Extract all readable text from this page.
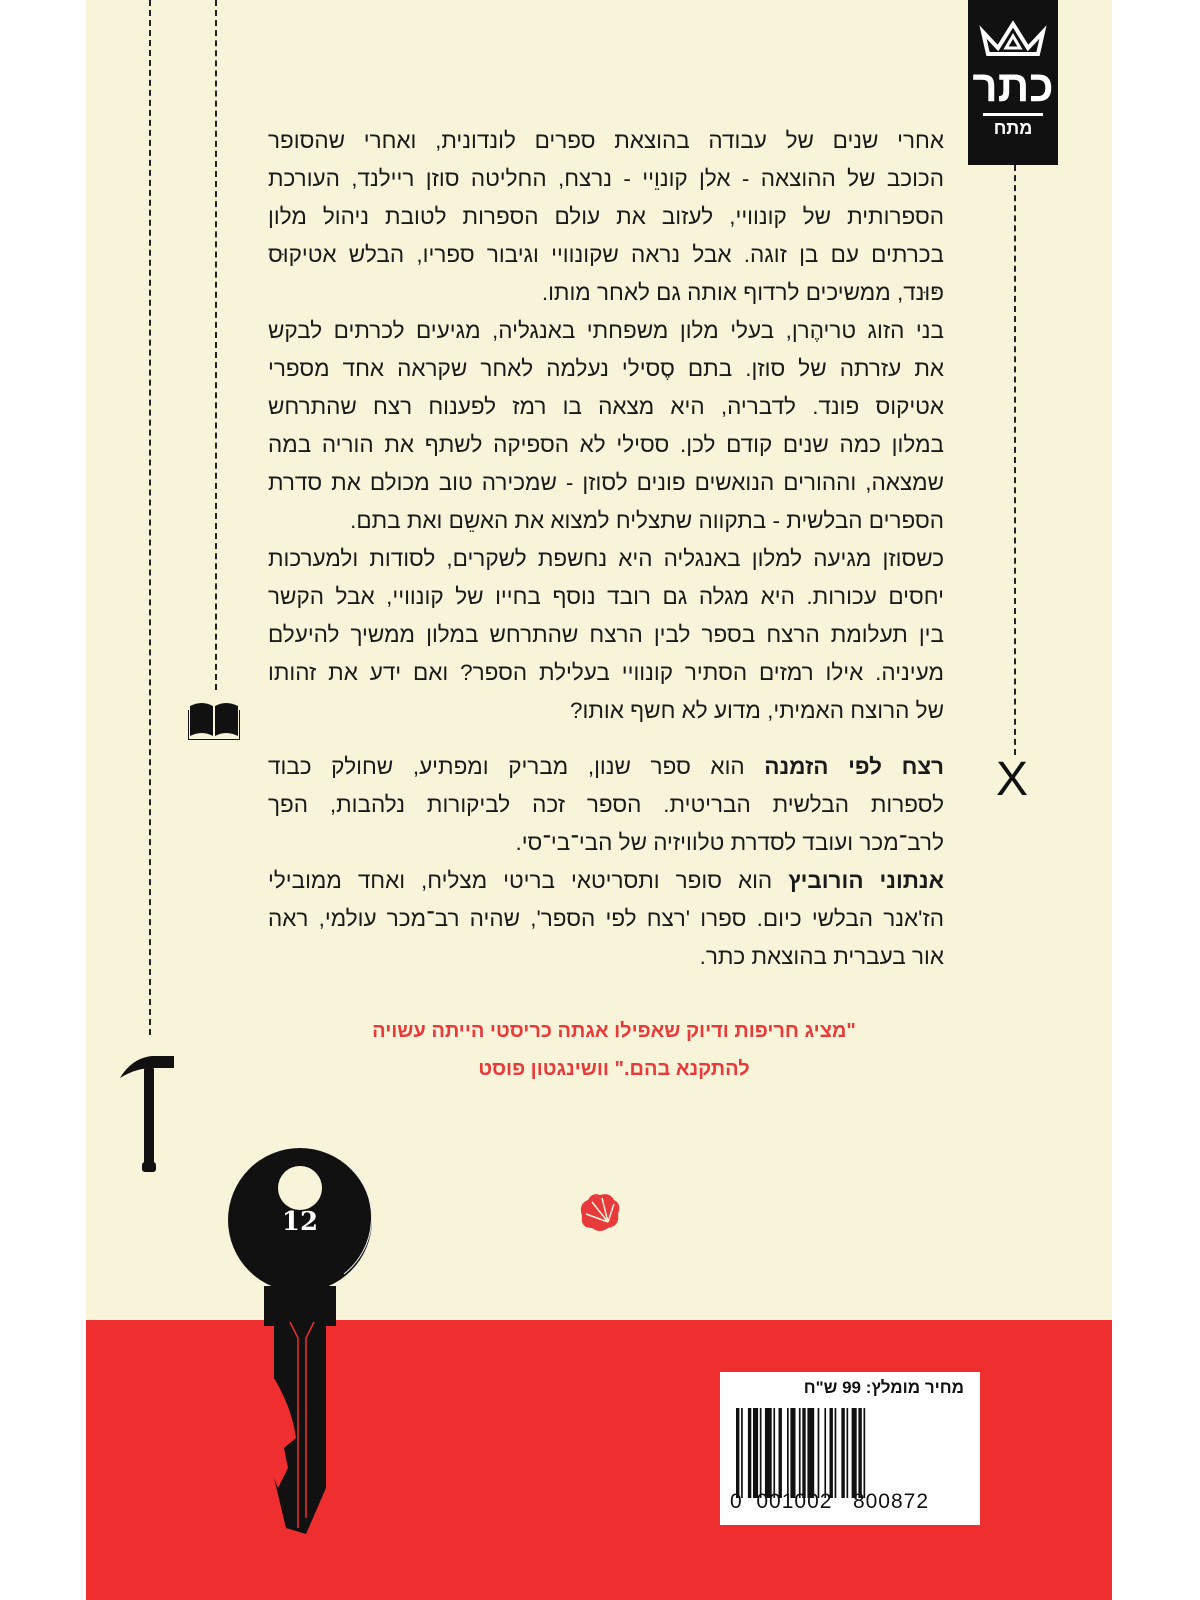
כתר
מתח
X
12
אחרי שנים של עבודה בהוצאת ספרים לונדונית, ואחרי שהסופר
הכוכב של ההוצאה - אלן קונוֵיי - נרצח, החליטה סוזן ריילנד, העורכת
הספרותית של קונוויי, לעזוב את עולם הספרות לטובת ניהול מלון
בכרתים עם בן זוגה. אבל נראה שקונוויי וגיבור ספריו, הבלש אטיקוּס
פּוּנד, ממשיכים לרדוף אותה גם לאחר מותו.
בני הזוג טריהֶרן, בעלי מלון משפחתי באנגליה, מגיעים לכרתים לבקש
את עזרתה של סוזן. בתם סֶסילי נעלמה לאחר שקראה אחד מספרי
אטיקוס פונד. לדבריה, היא מצאה בו רמז לפענוח רצח שהתרחש
במלון כמה שנים קודם לכן. ססילי לא הספיקה לשתף את הוריה במה
שמצאה, וההורים הנואשים פונים לסוזן - שמכירה טוב מכולם את סדרת
הספרים הבלשית - בתקווה שתצליח למצוא את האשֵם ואת בתם.
כשסוזן מגיעה למלון באנגליה היא נחשפת לשקרים, לסודות ולמערכות
יחסים עכורות. היא מגלה גם רובד נוסף בחייו של קונוויי, אבל הקשר
בין תעלומת הרצח בספר לבין הרצח שהתרחש במלון ממשיך להיעלם
מעיניה. אילו רמזים הסתיר קונוויי בעלילת הספר? ואם ידע את זהותו
של הרוצח האמיתי, מדוע לא חשף אותו?
רצח לפי הזמנה הוא ספר שנון, מבריק ומפתיע, שחולק כבוד
לספרות הבלשית הבריטית. הספר זכה לביקורות נלהבות, הפך
לרב־מכר ועובד לסדרת טלוויזיה של הבי־בי־סי.
אנתוני הורוביץ הוא סופר ותסריטאי בריטי מצליח, ואחד ממובילי
הז'אנר הבלשי כיום. ספרו 'רצח לפי הספר', שהיה רב־מכר עולמי, ראה
אור בעברית בהוצאת כתר.
"מציג חריפות ודיוק שאפילו אגתה כריסטי הייתה עשויה
להתקנא בהם." וושינגטון פוסט
מחיר מומלץ: 99 ש"ח
0 001002 800872
